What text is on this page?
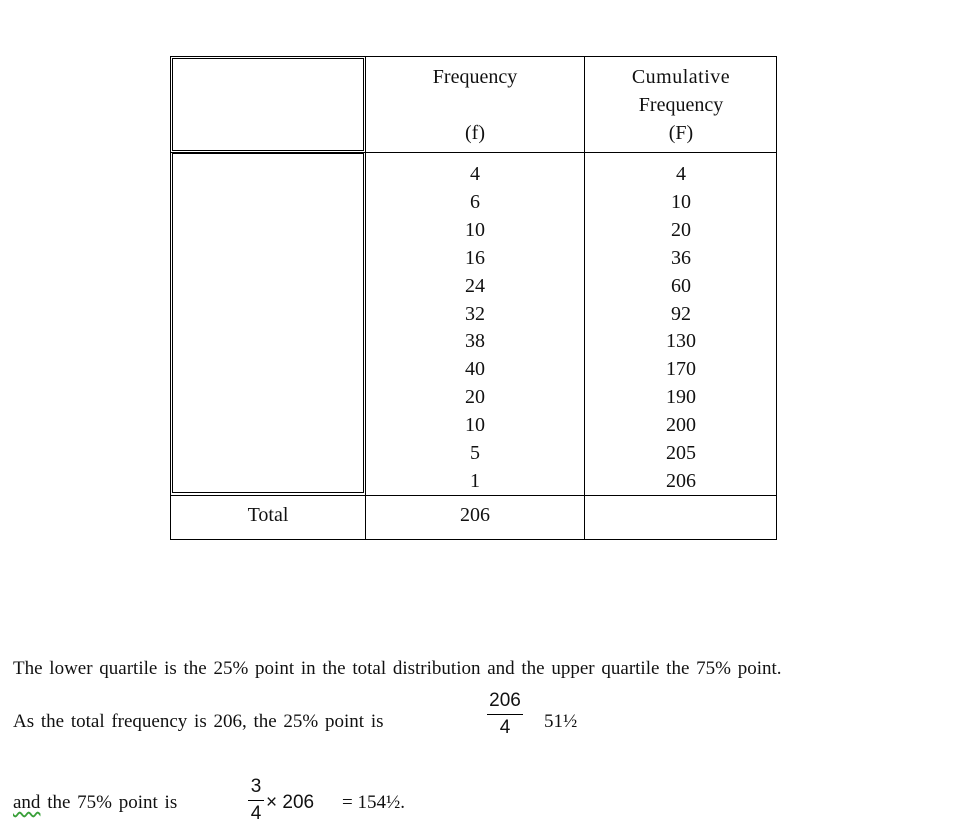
Frequency
(f)
Cumulative
Frequency
(F)
4
6
10
16
24
32
38
40
20
10
5
1
4
10
20
36
60
92
130
170
190
200
205
206
Total	206
The lower quartile is the 25% point in the total distribution and the upper quartile the 75% point.
As the total frequency is 206, the 25% point is
206
4	51½
and the 75% point is
3
4
× 206 = 154½.
